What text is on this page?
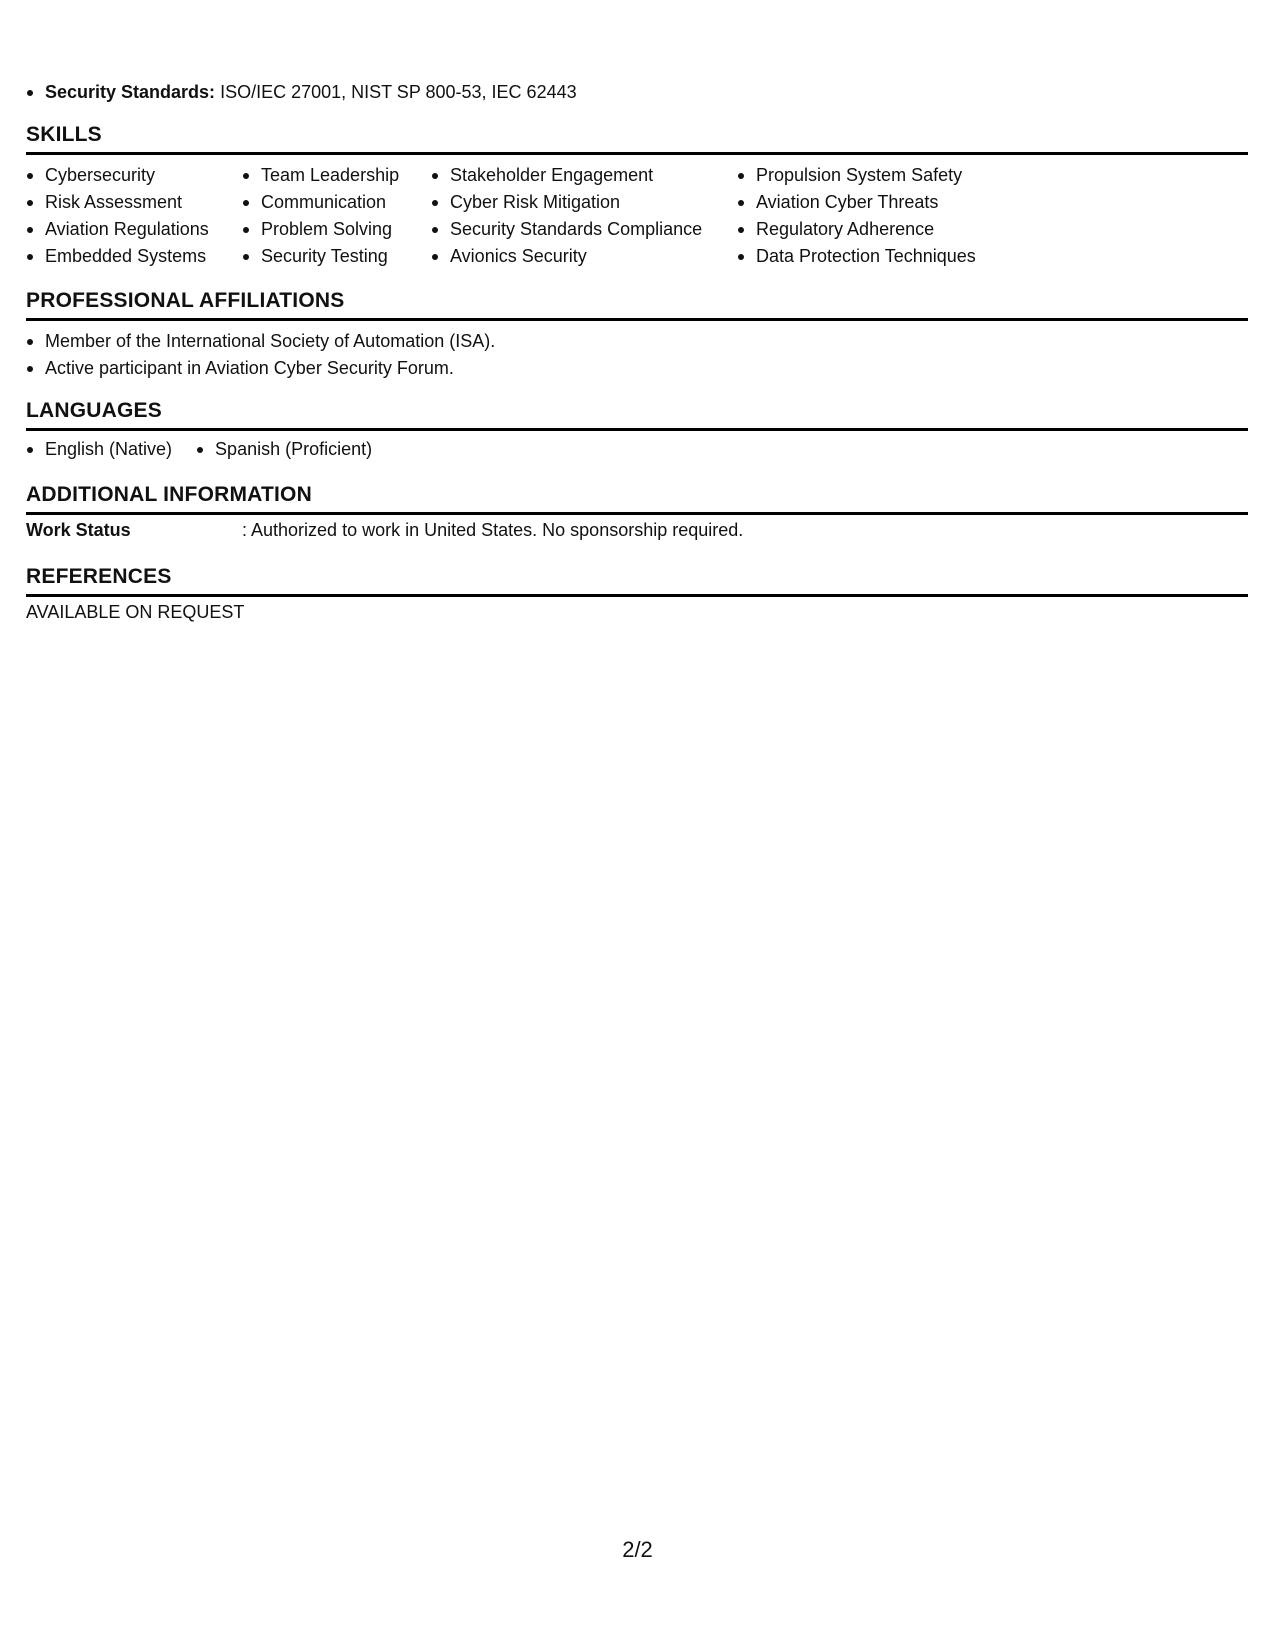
Security Standards: ISO/IEC 27001, NIST SP 800-53, IEC 62443
SKILLS
Cybersecurity
Risk Assessment
Aviation Regulations
Embedded Systems
Team Leadership
Communication
Problem Solving
Security Testing
Stakeholder Engagement
Cyber Risk Mitigation
Security Standards Compliance
Avionics Security
Propulsion System Safety
Aviation Cyber Threats
Regulatory Adherence
Data Protection Techniques
PROFESSIONAL AFFILIATIONS
Member of the International Society of Automation (ISA).
Active participant in Aviation Cyber Security Forum.
LANGUAGES
English (Native) Spanish (Proficient)
ADDITIONAL INFORMATION
Work Status	: Authorized to work in United States. No sponsorship required.
REFERENCES
AVAILABLE ON REQUEST
2/2
